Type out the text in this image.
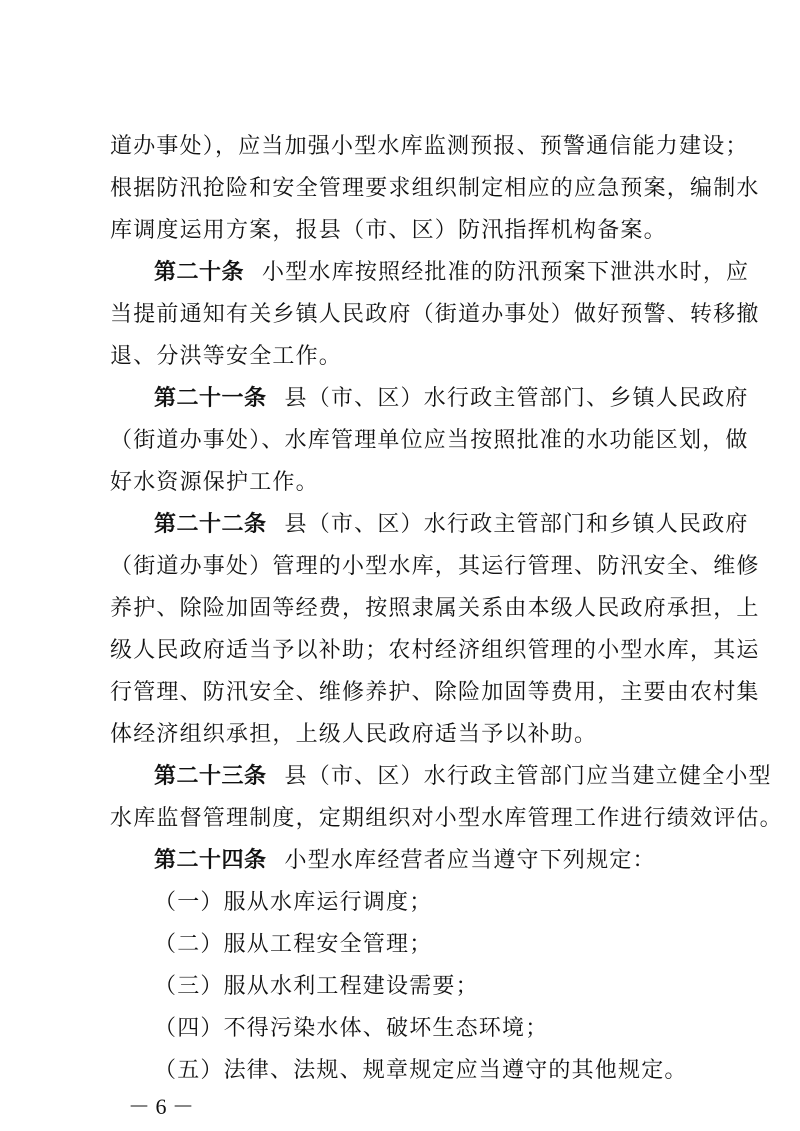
道办事处），应当加强小型水库监测预报、预警通信能力建设；
根据防汛抢险和安全管理要求组织制定相应的应急预案，编制水
库调度运用方案，报县（市、区）防汛指挥机构备案。
第二十条 小型水库按照经批准的防汛预案下泄洪水时，应
当提前通知有关乡镇人民政府（街道办事处）做好预警、转移撤
退、分洪等安全工作。
第二十一条 县（市、区）水行政主管部门、乡镇人民政府
（街道办事处）、水库管理单位应当按照批准的水功能区划，做
好水资源保护工作。
第二十二条 县（市、区）水行政主管部门和乡镇人民政府
（街道办事处）管理的小型水库，其运行管理、防汛安全、维修
养护、除险加固等经费，按照隶属关系由本级人民政府承担，上
级人民政府适当予以补助；农村经济组织管理的小型水库，其运
行管理、防汛安全、维修养护、除险加固等费用，主要由农村集
体经济组织承担，上级人民政府适当予以补助。
第二十三条 县（市、区）水行政主管部门应当建立健全小型
水库监督管理制度，定期组织对小型水库管理工作进行绩效评估。
第二十四条 小型水库经营者应当遵守下列规定：
（一）服从水库运行调度；
（二）服从工程安全管理；
（三）服从水利工程建设需要；
（四）不得污染水体、破坏生态环境；
（五）法律、法规、规章规定应当遵守的其他规定。
－ 6 －
